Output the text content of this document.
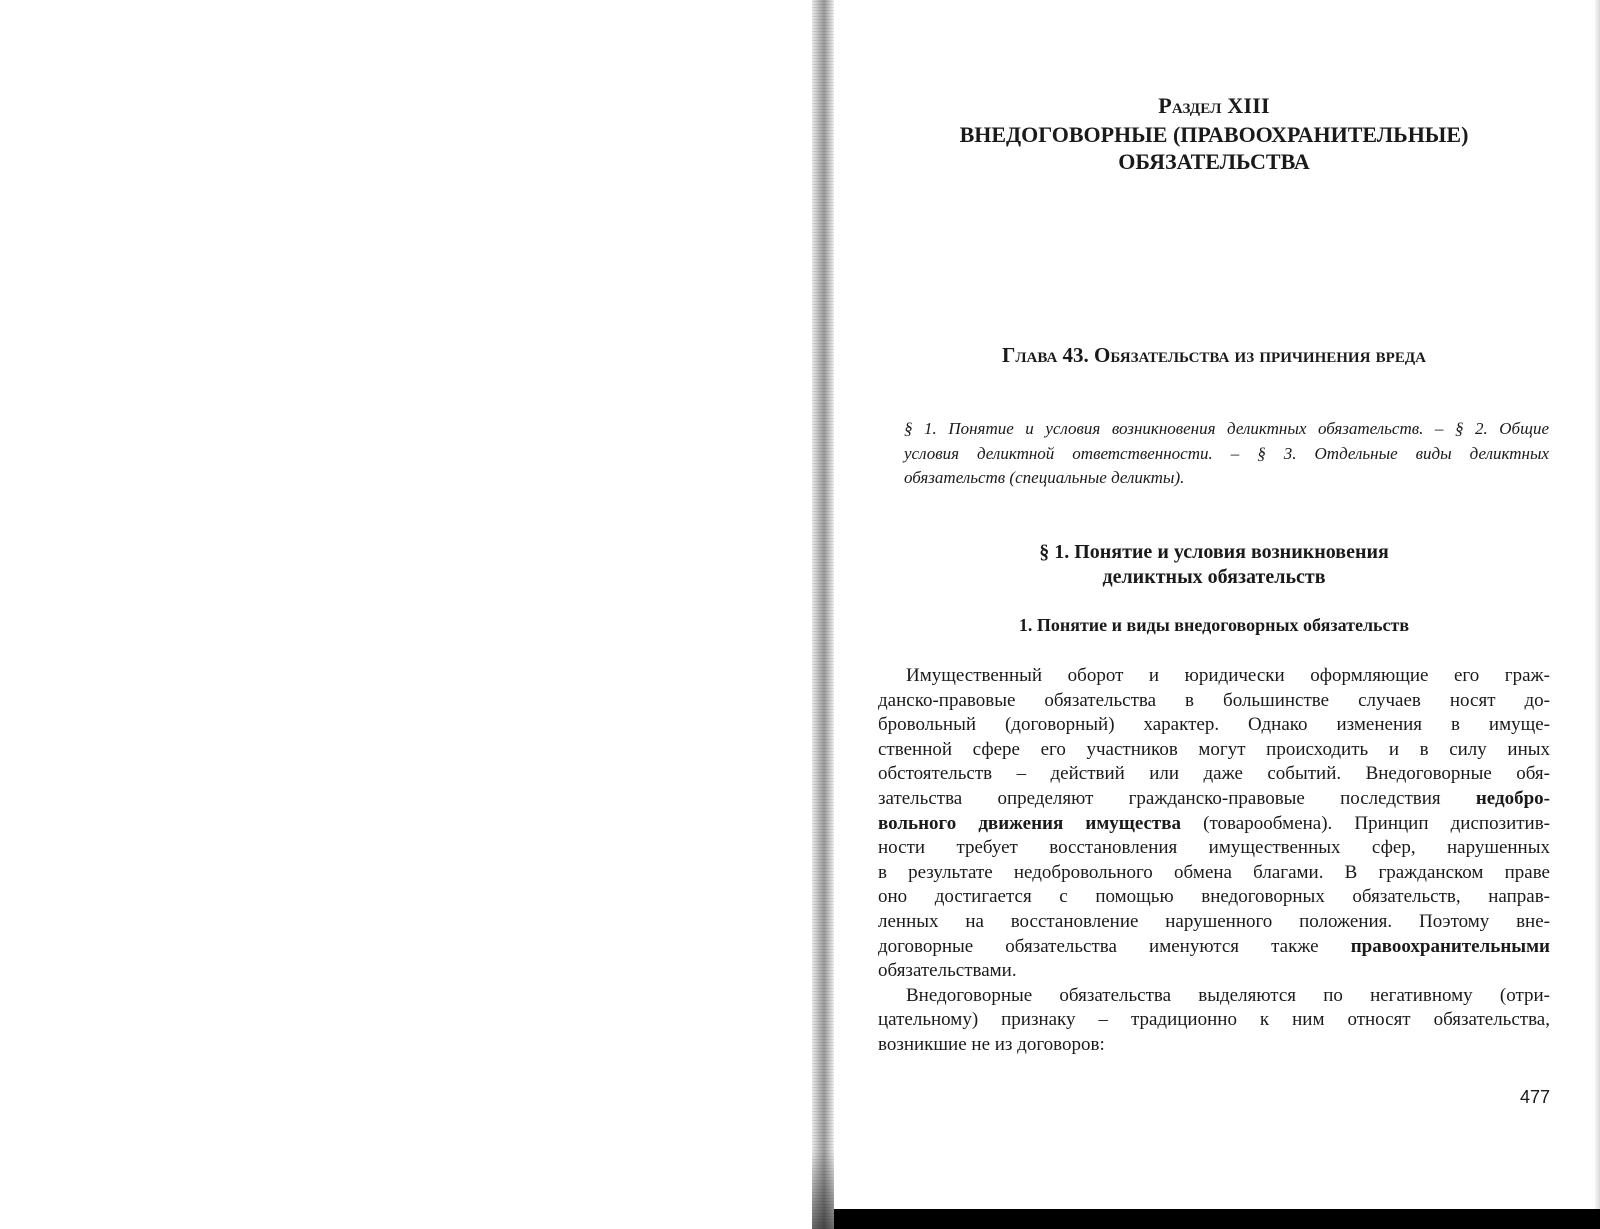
Раздел XIII
ВНЕДОГОВОРНЫЕ (ПРАВООХРАНИТЕЛЬНЫЕ)
ОБЯЗАТЕЛЬСТВА
Глава 43. Обязательства из причинения вреда
§ 1. Понятие и условия возникновения деликтных обязательств. – § 2. Общие
условия деликтной ответственности. – § 3. Отдельные виды деликтных
обязательств (специальные деликты).
§ 1. Понятие и условия возникновения
деликтных обязательств
1. Понятие и виды внедоговорных обязательств
Имущественный оборот и юридически оформляющие его граж-
данско-правовые обязательства в большинстве случаев носят до-
бровольный (договорный) характер. Однако изменения в имуще-
ственной сфере его участников могут происходить и в силу иных
обстоятельств – действий или даже событий. Внедоговорные обя-
зательства определяют гражданско-правовые последствия недобро-
вольного движения имущества (товарообмена). Принцип диспозитив-
ности требует восстановления имущественных сфер, нарушенных
в результате недобровольного обмена благами. В гражданском праве
оно достигается с помощью внедоговорных обязательств, направ-
ленных на восстановление нарушенного положения. Поэтому вне-
договорные обязательства именуются также правоохранительными
обязательствами.
Внедоговорные обязательства выделяются по негативному (отри-
цательному) признаку – традиционно к ним относят обязательства,
возникшие не из договоров:
477
